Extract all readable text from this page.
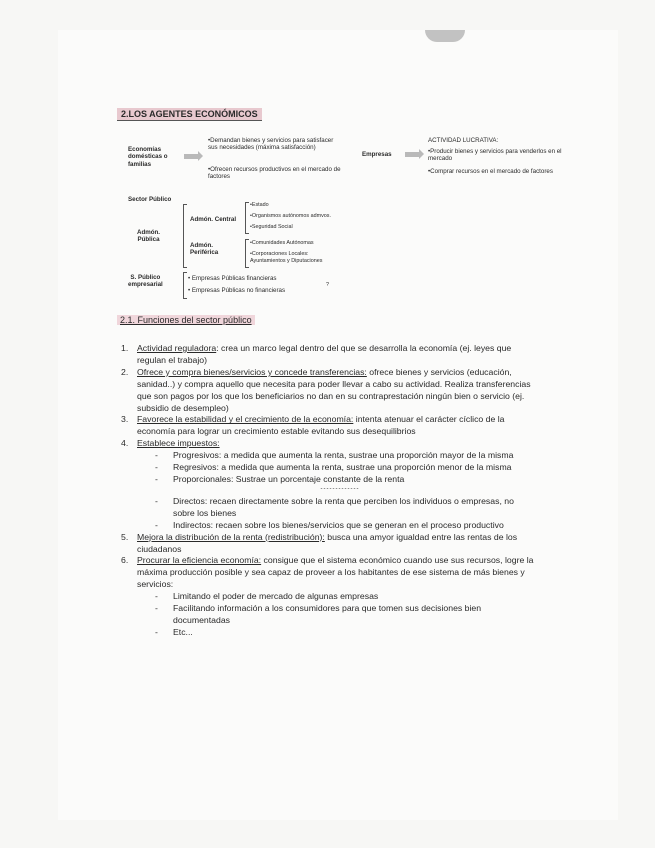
2.LOS AGENTES ECONÓMICOS
Economías
domésticas o
familias
•Demandan bienes y servicios para satisfacer sus necesidades (máxima satisfacción)
•Ofrecen recursos productivos en el mercado de factores
Empresas
ACTIVIDAD LUCRATIVA:
•Producir bienes y servicios para venderlos en el mercado
•Comprar recursos en el mercado de factores
Sector Público
Admón.
Pública
Admón. Central
•Estado
•Organismos autónomos admvos.
•Seguridad Social
Admón.
Periférica
•Comunidades Autónomas
•Corporaciones Locales:
Ayuntamientos y Diputaciones
S. Público
empresarial
• Empresas Públicas financieras
• Empresas Públicas no financieras
?
2.1. Funciones del sector público
1. Actividad reguladora: crea un marco legal dentro del que se desarrolla la economía (ej. leyes que regulan el trabajo)
2. Ofrece y compra bienes/servicios y concede transferencias: ofrece bienes y servicios (educación, sanidad..) y compra aquello que necesita para poder llevar a cabo su actividad. Realiza transferencias que son pagos por los que los beneficiarios no dan en su contraprestación ningún bien o servicio (ej. subsidio de desempleo)
3. Favorece la estabilidad y el crecimiento de la economía: intenta atenuar el carácter cíclico de la economía para lograr un crecimiento estable evitando sus desequilibrios
4. Establece impuestos:
- Progresivos: a medida que aumenta la renta, sustrae una proporción mayor de la misma
- Regresivos: a medida que aumenta la renta, sustrae una proporción menor de la misma
- Proporcionales: Sustrae un porcentaje constante de la renta
-------------
- Directos: recaen directamente sobre la renta que perciben los individuos o empresas, no sobre los bienes
- Indirectos: recaen sobre los bienes/servicios que se generan en el proceso productivo
5. Mejora la distribución de la renta (redistribución): busca una amyor igualdad entre las rentas de los ciudadanos
6. Procurar la eficiencia economía: consigue que el sistema económico cuando use sus recursos, logre la máxima producción posible y sea capaz de proveer a los habitantes de ese sistema de más bienes y servicios:
- Limitando el poder de mercado de algunas empresas
- Facilitando información a los consumidores para que tomen sus decisiones bien documentadas
- Etc...
